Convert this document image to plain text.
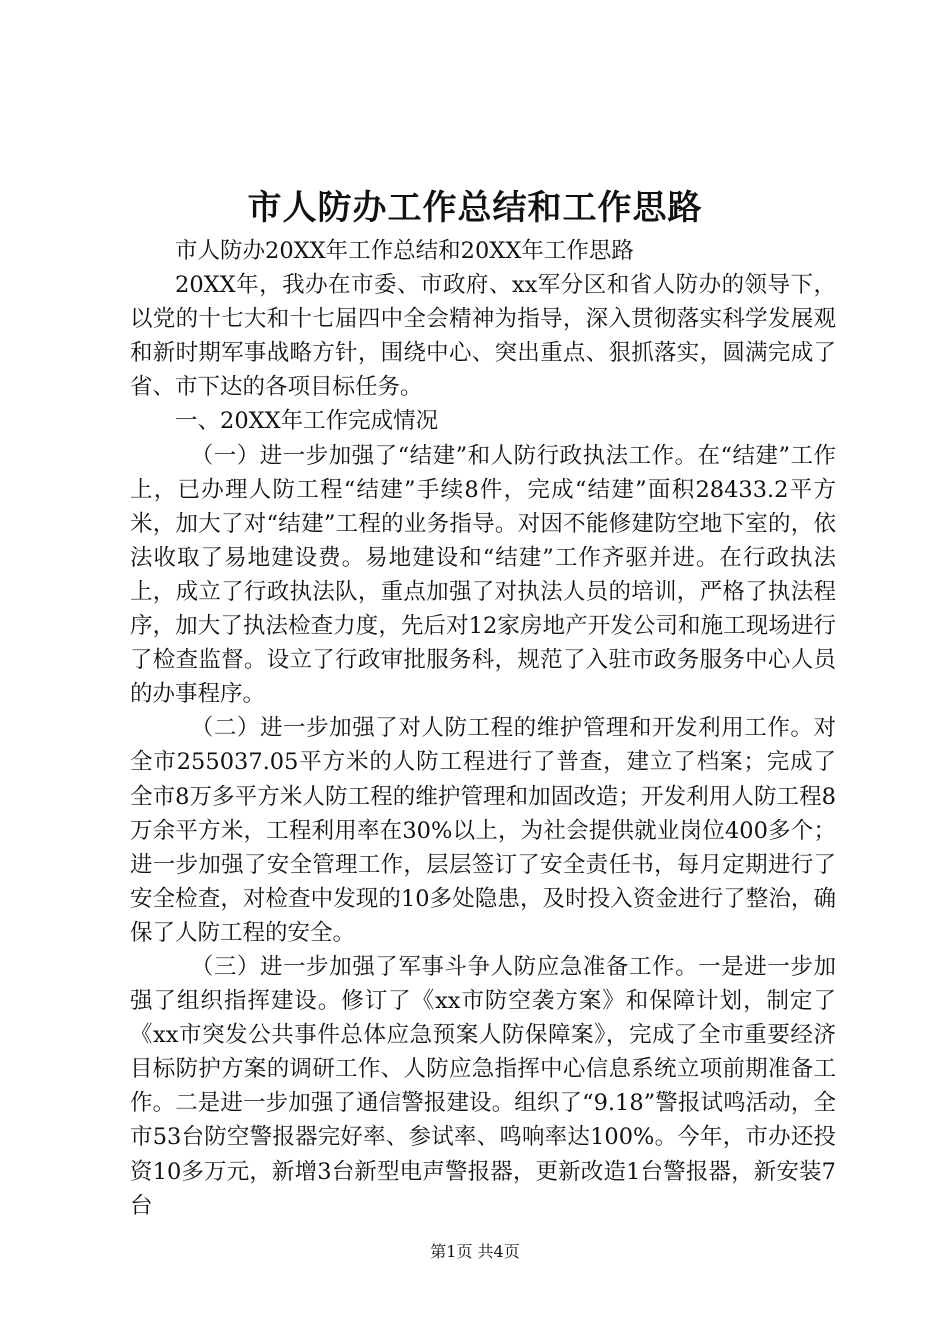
市人防办工作总结和工作思路

市人防办20XX年工作总结和20XX年工作思路

20XX年，我办在市委、市政府、xx军分区和省人防办的领导下，以党的十七大和十七届四中全会精神为指导，深入贯彻落实科学发展观和新时期军事战略方针，围绕中心、突出重点、狠抓落实，圆满完成了省、市下达的各项目标任务。

一、20XX年工作完成情况

（一）进一步加强了“结建”和人防行政执法工作。在“结建”工作上，已办理人防工程“结建”手续8件，完成“结建”面积28433.2平方米，加大了对“结建”工程的业务指导。对因不能修建防空地下室的，依法收取了易地建设费。易地建设和“结建”工作齐驱并进。在行政执法上，成立了行政执法队，重点加强了对执法人员的培训，严格了执法程序，加大了执法检查力度，先后对12家房地产开发公司和施工现场进行了检查监督。设立了行政审批服务科，规范了入驻市政务服务中心人员的办事程序。

（二）进一步加强了对人防工程的维护管理和开发利用工作。对全市255037.05平方米的人防工程进行了普查，建立了档案；完成了全市8万多平方米人防工程的维护管理和加固改造；开发利用人防工程8万余平方米，工程利用率在30%以上，为社会提供就业岗位400多个；进一步加强了安全管理工作，层层签订了安全责任书，每月定期进行了安全检查，对检查中发现的10多处隐患，及时投入资金进行了整治，确保了人防工程的安全。

（三）进一步加强了军事斗争人防应急准备工作。一是进一步加强了组织指挥建设。修订了《xx市防空袭方案》和保障计划，制定了《xx市突发公共事件总体应急预案人防保障案》，完成了全市重要经济目标防护方案的调研工作、人防应急指挥中心信息系统立项前期准备工作。二是进一步加强了通信警报建设。组织了“9.18”警报试鸣活动，全市53台防空警报器完好率、参试率、鸣响率达100%。今年，市办还投资10多万元，新增3台新型电声警报器，更新改造1台警报器，新安装7台

第1页 共4页
